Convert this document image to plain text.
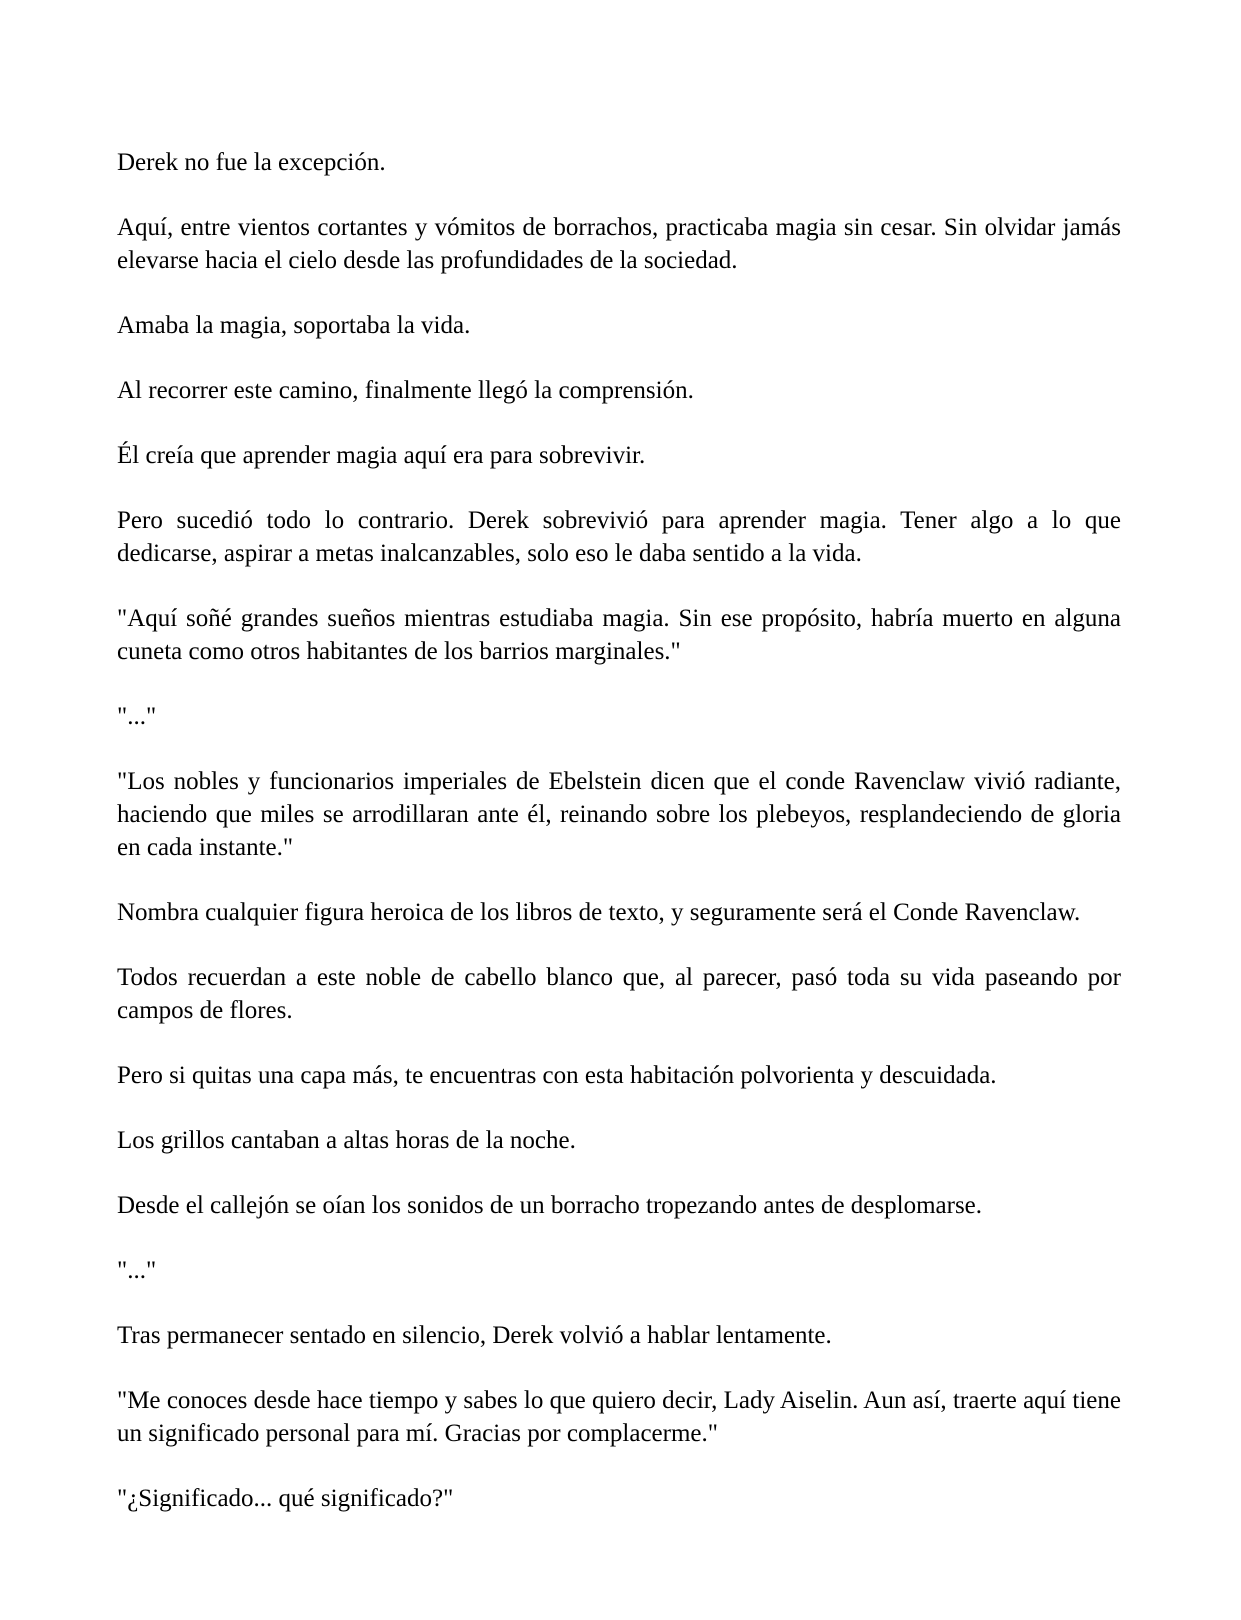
Derek no fue la excepción.

Aquí, entre vientos cortantes y vómitos de borrachos, practicaba magia sin cesar. Sin olvidar jamás elevarse hacia el cielo desde las profundidades de la sociedad.

Amaba la magia, soportaba la vida.

Al recorrer este camino, finalmente llegó la comprensión.

Él creía que aprender magia aquí era para sobrevivir.

Pero sucedió todo lo contrario. Derek sobrevivió para aprender magia. Tener algo a lo que dedicarse, aspirar a metas inalcanzables, solo eso le daba sentido a la vida.

"Aquí soñé grandes sueños mientras estudiaba magia. Sin ese propósito, habría muerto en alguna cuneta como otros habitantes de los barrios marginales."

"..."

"Los nobles y funcionarios imperiales de Ebelstein dicen que el conde Ravenclaw vivió radiante, haciendo que miles se arrodillaran ante él, reinando sobre los plebeyos, resplandeciendo de gloria en cada instante."

Nombra cualquier figura heroica de los libros de texto, y seguramente será el Conde Ravenclaw.

Todos recuerdan a este noble de cabello blanco que, al parecer, pasó toda su vida paseando por campos de flores.

Pero si quitas una capa más, te encuentras con esta habitación polvorienta y descuidada.

Los grillos cantaban a altas horas de la noche.

Desde el callejón se oían los sonidos de un borracho tropezando antes de desplomarse.

"..."

Tras permanecer sentado en silencio, Derek volvió a hablar lentamente.

"Me conoces desde hace tiempo y sabes lo que quiero decir, Lady Aiselin. Aun así, traerte aquí tiene un significado personal para mí. Gracias por complacerme."

"¿Significado... qué significado?"
